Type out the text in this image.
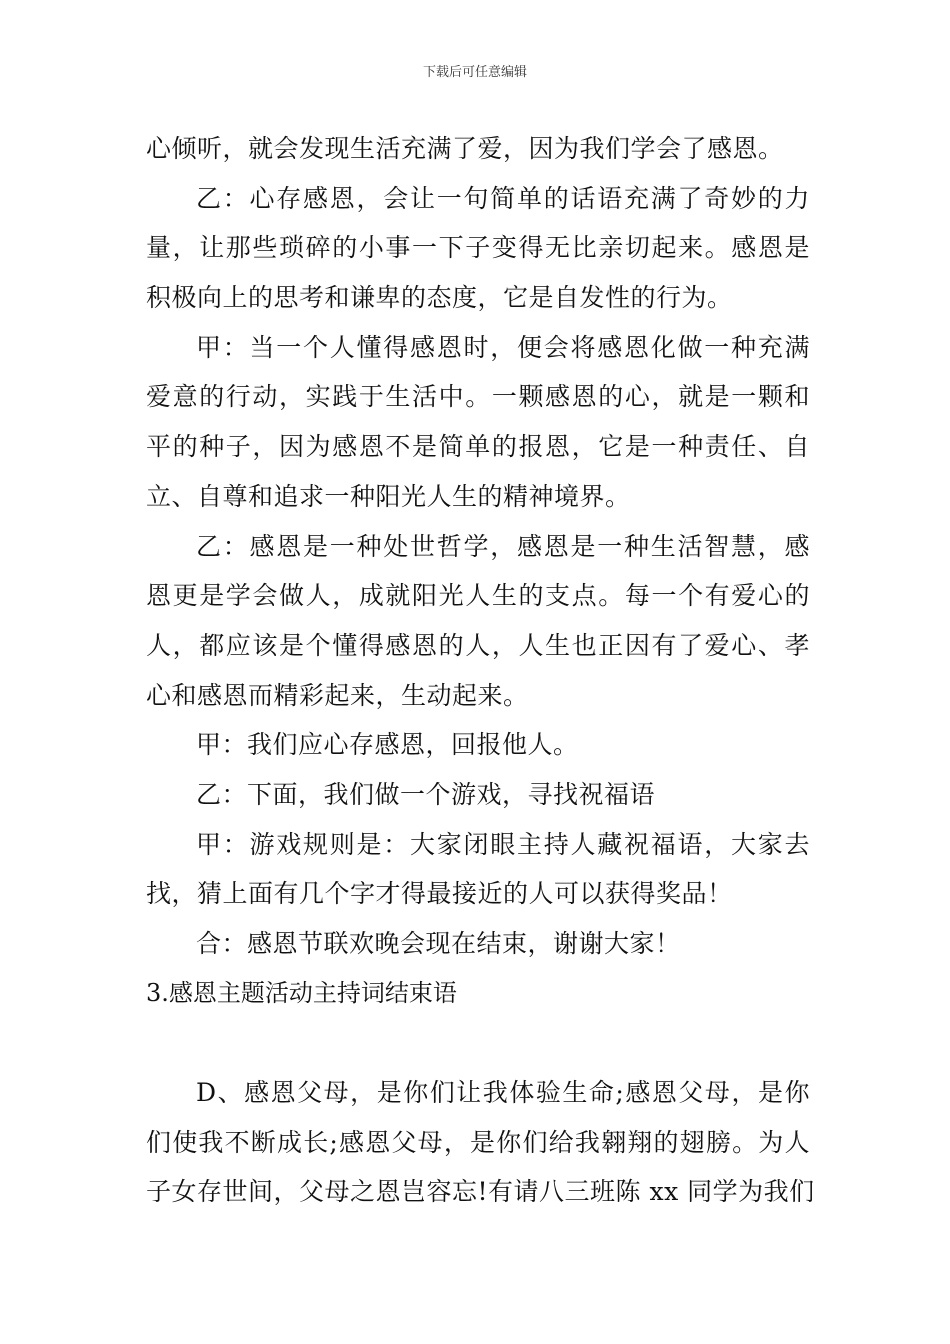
下载后可任意编辑
心倾听，就会发现生活充满了爱，因为我们学会了感恩。
乙：心存感恩，会让一句简单的话语充满了奇妙的力
量，让那些琐碎的小事一下子变得无比亲切起来。感恩是
积极向上的思考和谦卑的态度，它是自发性的行为。
甲：当一个人懂得感恩时，便会将感恩化做一种充满
爱意的行动，实践于生活中。一颗感恩的心，就是一颗和
平的种子，因为感恩不是简单的报恩，它是一种责任、自
立、自尊和追求一种阳光人生的精神境界。
乙：感恩是一种处世哲学，感恩是一种生活智慧，感
恩更是学会做人，成就阳光人生的支点。每一个有爱心的
人，都应该是个懂得感恩的人，人生也正因有了爱心、孝
心和感恩而精彩起来，生动起来。
甲：我们应心存感恩，回报他人。
乙：下面，我们做一个游戏，寻找祝福语
甲：游戏规则是：大家闭眼主持人藏祝福语，大家去
找，猜上面有几个字才得最接近的人可以获得奖品！
合：感恩节联欢晚会现在结束，谢谢大家！
3.感恩主题活动主持词结束语
D、感恩父母，是你们让我体验生命;感恩父母，是你
们使我不断成长;感恩父母，是你们给我翱翔的翅膀。为人
子女存世间，父母之恩岂容忘!有请八三班陈 xx 同学为我们
